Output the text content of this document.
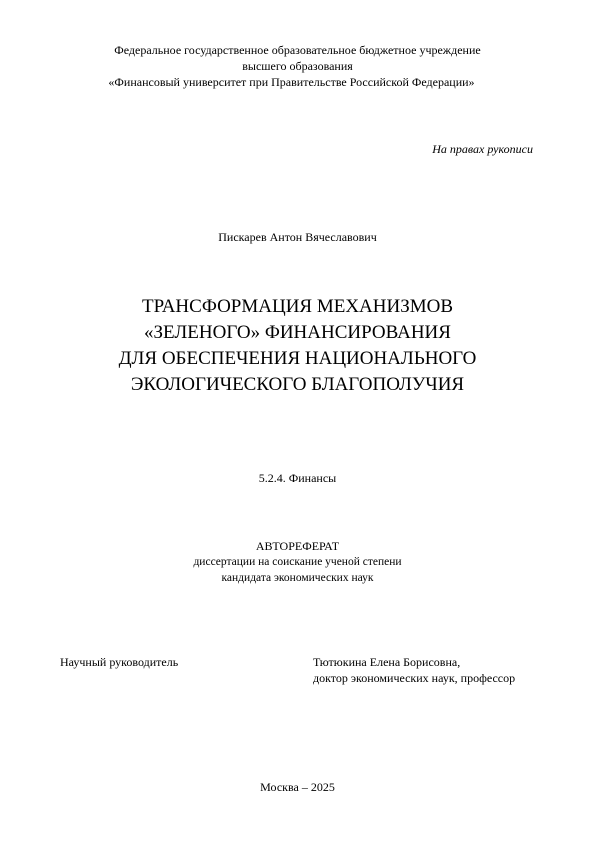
Федеральное государственное образовательное бюджетное учреждение
высшего образования
«Финансовый университет при Правительстве Российской Федерации»
На правах рукописи
Пискарев Антон Вячеславович
ТРАНСФОРМАЦИЯ МЕХАНИЗМОВ
«ЗЕЛЕНОГО» ФИНАНСИРОВАНИЯ
ДЛЯ ОБЕСПЕЧЕНИЯ НАЦИОНАЛЬНОГО
ЭКОЛОГИЧЕСКОГО БЛАГОПОЛУЧИЯ
5.2.4. Финансы
АВТОРЕФЕРАТ
диссертации на соискание ученой степени
кандидата экономических наук
Научный руководитель	Тютюкина Елена Борисовна,
доктор экономических наук, профессор
Москва – 2025
